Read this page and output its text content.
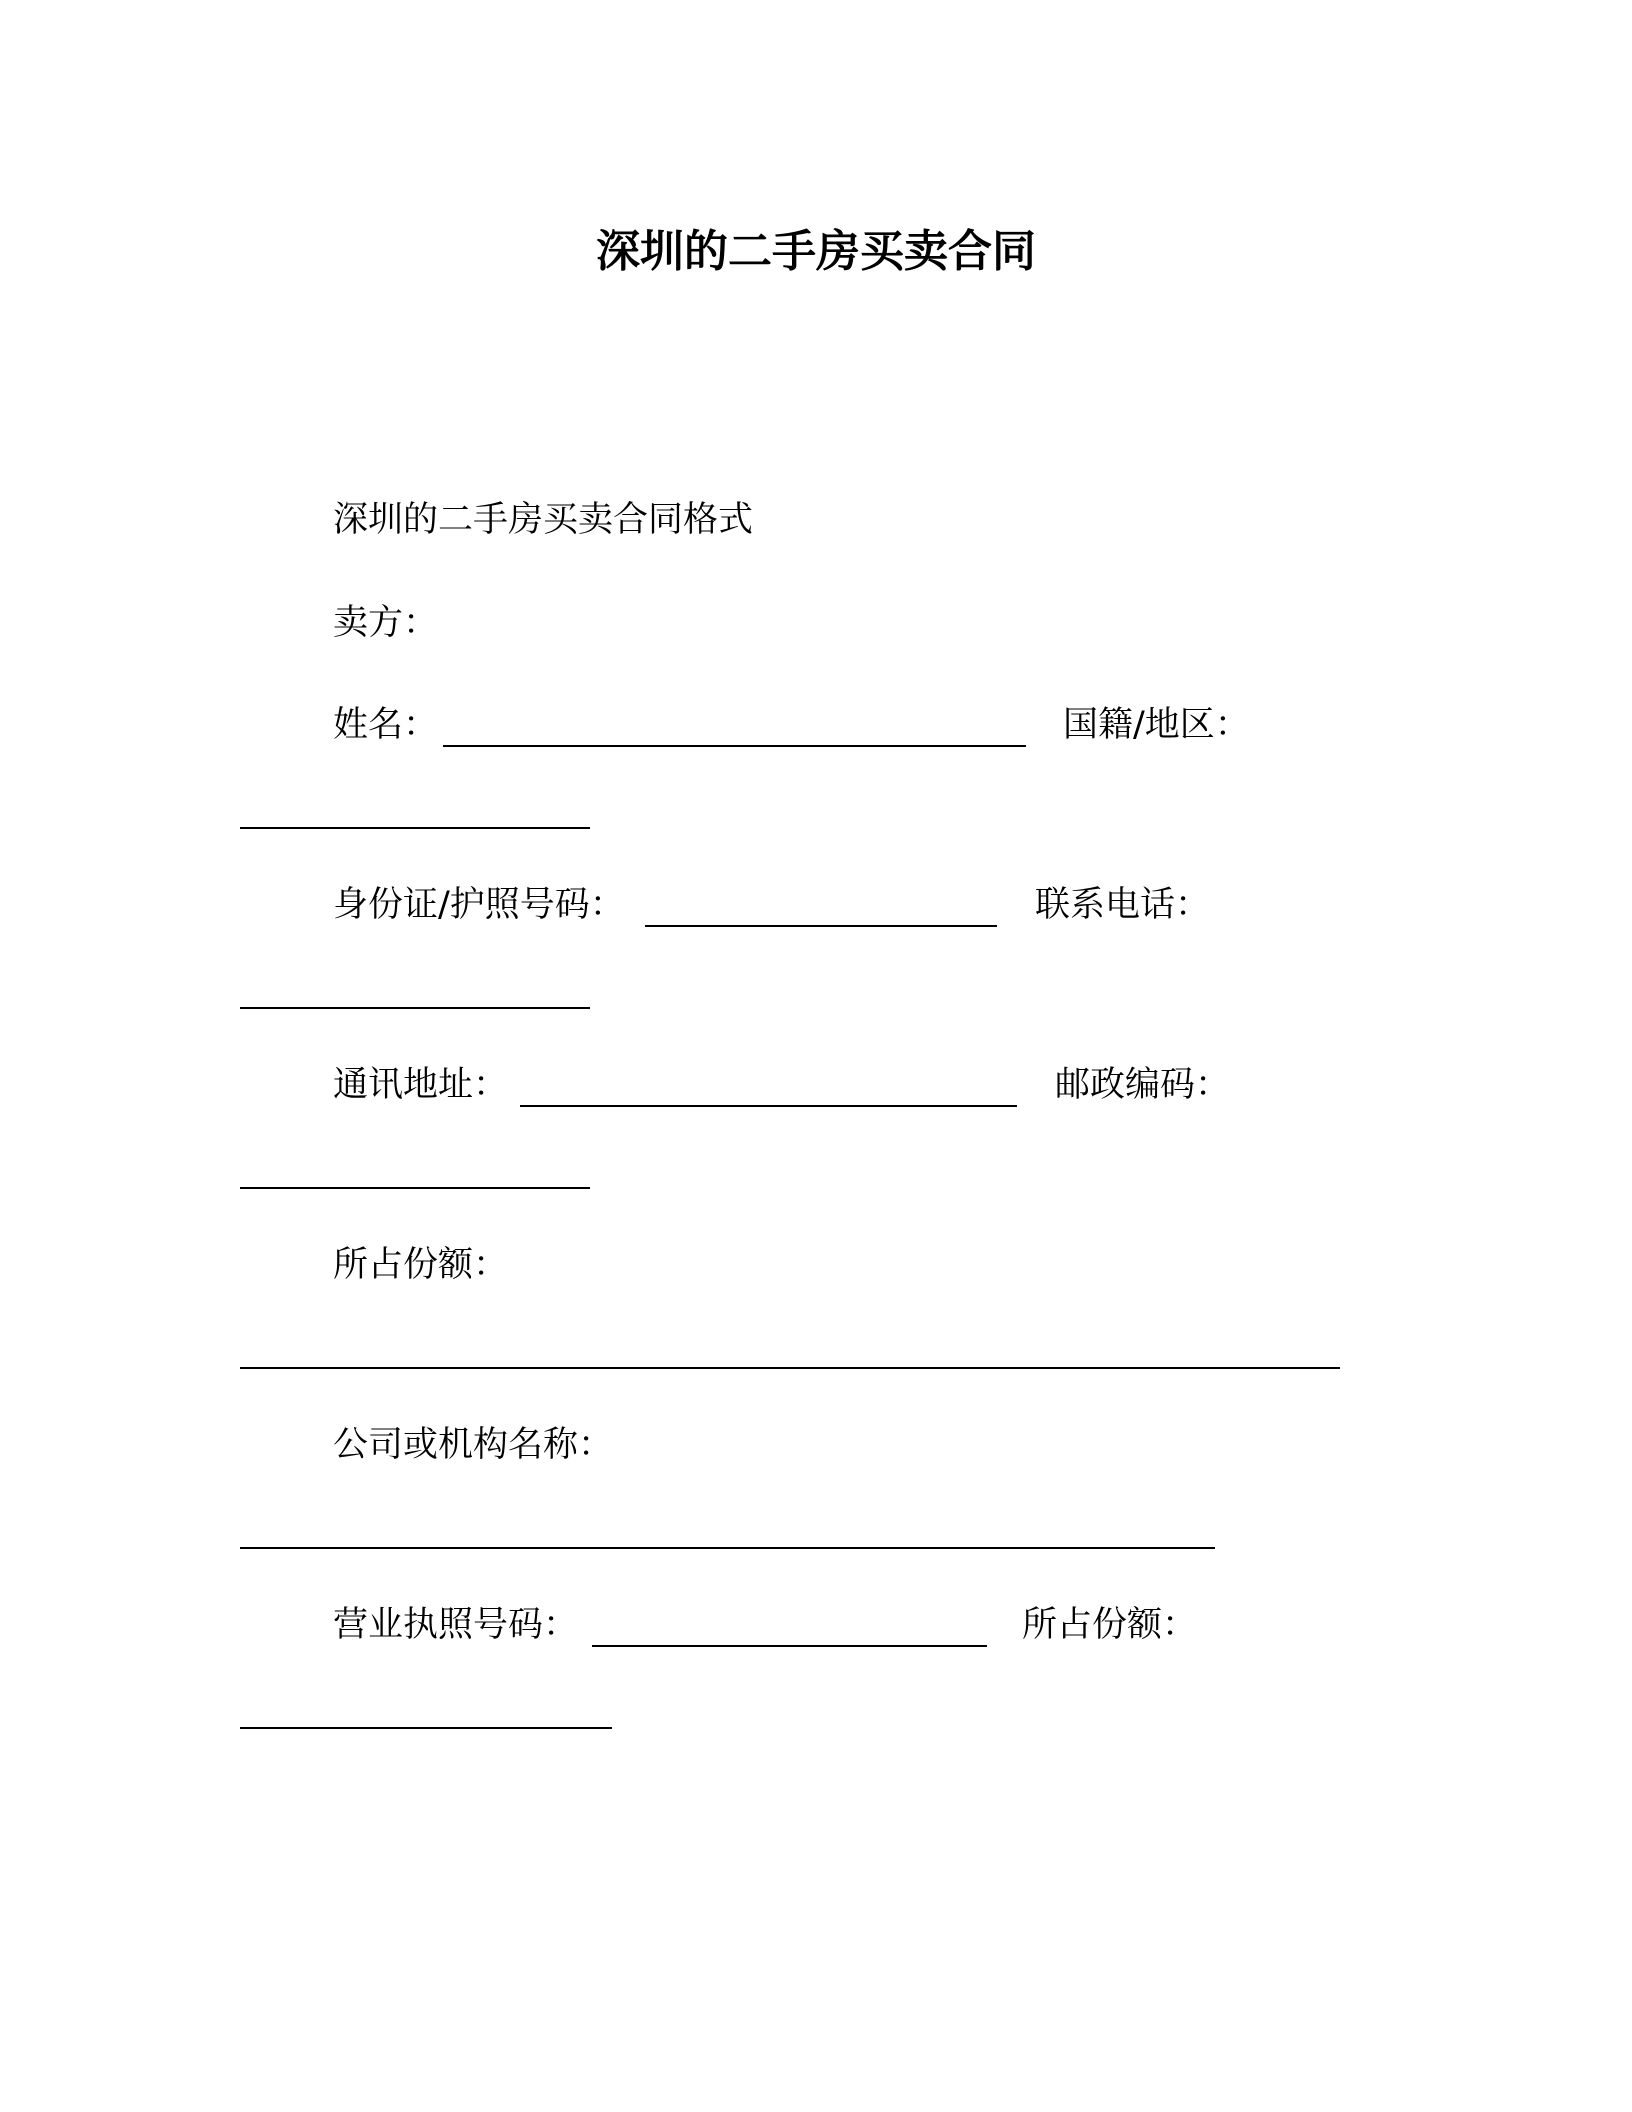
深圳的二手房买卖合同

深圳的二手房买卖合同格式

卖方：

姓名：	国籍/地区：
身份证/护照号码：	联系电话：
通讯地址：	邮政编码：
所占份额：
公司或机构名称：
营业执照号码：	所占份额：
